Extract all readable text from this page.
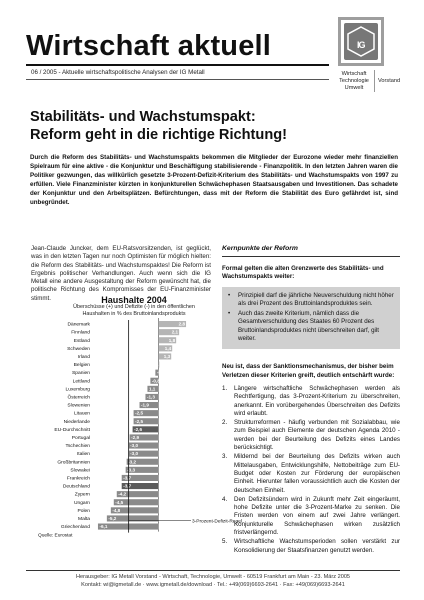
Wirtschaft aktuell
06 / 2005 - Aktuelle wirtschaftspolitische Analysen der IG Metall
IG
Wirtschaft
Technologie
Umwelt
Vorstand
Stabilitäts- und Wachstumspakt:
Reform geht in die richtige Richtung!
Durch die Reform des Stabilitäts- und Wachstumspakts bekommen die Mitglieder der Eurozone wieder mehr finanziellen Spielraum für eine aktive - die Konjunktur und Beschäftigung stabilisierende - Finanzpolitik. In den letzten Jahren waren die Politiker gezwungen, das willkürlich gesetzte 3-Prozent-Defizit-Kriterium des Stabilitäts- und Wachstumspakts von 1997 zu erfüllen. Viele Finanzminister kürzten in konjunkturellen Schwächephasen Staatsausgaben und Investitionen. Das schadete der Konjunktur und den Arbeitsplätzen. Befürchtungen, dass mit der Reform die Stabilität des Euro gefährdet ist, sind unbegründet.
Jean-Claude Juncker, dem EU-Ratsvorsitzenden, ist geglückt, was in den letzten Tagen nur noch Optimisten für möglich hielten: die Reform des Stabilitäts- und Wachstumspaktes! Die Reform ist Ergebnis politischer Verhandlungen. Auch wenn sich die IG Metall eine andere Ausgestaltung der Reform gewünscht hat, die politische Richtung des Kompromisses der EU-Finanzminister stimmt.	Haushalte 2004
Überschüsse (+) und Defizite (-) in den öffentlichen Haushalten in % des Bruttoinlandsprodukts
Dänemark	2,8
Finnland	2,1
Estland	1,8
Schweden	1,4
Irland	1,3
Belgien	0,1
Spanien	-0,3
Lettland	-0,8
Luxemburg	1,1
Österreich	-1,3
Slowenien	-1,9
Litauen	-2,5
Niederlande	-2,5
EU-Durchschnitt	-2,6
Portugal	-2,9
Tschechien	-3,0
Italien	-3,0
Großbritannien	-3,2
Slowakei	-3,3
Frankreich	-3,7
Deutschland	-3,7
Zypern	-4,2
Ungarn	-4,5
Polen	-4,8
Malta	-5,2
Griechenland -6,1
3-Prozent-Defizit-Regel
Quelle: Eurostat
Kernpunkte der Reform
Formal gelten die alten Grenzwerte des Stabilitäts- und Wachstumspakts weiter:
•	Prinzipiell darf die jährliche Neuverschuldung nicht höher als drei Prozent des Bruttoinlandsproduktes sein.
•	Auch das zweite Kriterium, nämlich dass die Gesamtverschuldung des Staates 60 Prozent des Bruttoinlandsproduktes nicht überschreiten darf, gilt weiter.
Neu ist, dass der Sanktionsmechanismus, der bisher beim Verletzen dieser Kriterien greift, deutlich entschärft wurde:
1.	Längere wirtschaftliche Schwächephasen werden als Rechtfertigung, das 3-Prozent-Kriterium zu überschreiten, anerkannt. Ein vorübergehendes Überschreiten des Defizits wird erlaubt.
2.	Strukturreformen - häufig verbunden mit Sozialabbau, wie zum Beispiel auch Elemente der deutschen Agenda 2010 - werden bei der Beurteilung des Defizits eines Landes berücksichtigt.
3.	Mildernd bei der Beurteilung des Defizits wirken auch Mittelausgaben, Entwicklungshilfe, Nettobeiträge zum EU-Budget oder Kosten zur Förderung der europäischen Einheit. Hierunter fallen voraussichtlich auch die Kosten der deutschen Einheit.
4.	Den Defizitsündern wird in Zukunft mehr Zeit eingeräumt, hohe Defizite unter die 3-Prozent-Marke zu senken. Die Fristen werden von einem auf zwei Jahre verlängert. Konjunkturelle Schwächephasen wirken zusätzlich fristverlängernd.
5.	Wirtschaftliche Wachstumsperioden sollen verstärkt zur Konsolidierung der Staatsfinanzen genutzt werden.
Herausgeber: IG Metall Vorstand - Wirtschaft, Technologie, Umwelt - 60519 Frankfurt am Main - 23. März 2005
Kontakt: wi@igmetall.de · www.igmetall.de/download · Tel.: +49(069)6693-2641 · Fax: +49(069)6693-2641
